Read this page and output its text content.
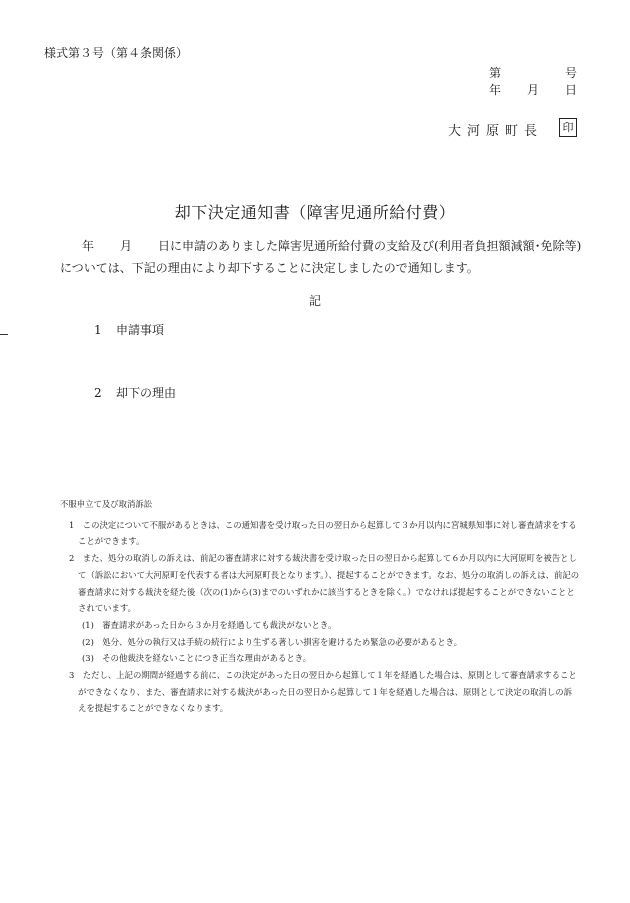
様式第３号（第４条関係）
第	号
年 月 日
大河原町長	印
却下決定通知書（障害児通所給付費）
年 月 日に申請のありました障害児通所給付費の支給及び(利用者負担額減額･免除等)
については、下記の理由により却下することに決定しましたので通知します。
記
1 申請事項
2 却下の理由
不服申立て及び取消訴訟
1　この決定について不服があるときは、この通知書を受け取った日の翌日から起算して３か月以内に宮城県知事に対し審査請求をすることができます。
2　また、処分の取消しの訴えは、前記の審査請求に対する裁決書を受け取った日の翌日から起算して６か月以内に大河原町を被告として（訴訟において大河原町を代表する者は大河原町長となります。）、提起することができます。なお、処分の取消しの訴えは、前記の審査請求に対する裁決を経た後（次の(1)から(3)までのいずれかに該当するときを除く。）でなければ提起することができないこととされています。
(1)　審査請求があった日から３か月を経過しても裁決がないとき。
(2)　処分、処分の執行又は手続の続行により生ずる著しい損害を避けるため緊急の必要があるとき。
(3)　その他裁決を経ないことにつき正当な理由があるとき。
3　ただし、上記の期間が経過する前に、この決定があった日の翌日から起算して１年を経過した場合は、原則として審査請求することができなくなり、また、審査請求に対する裁決があった日の翌日から起算して１年を経過した場合は、原則として決定の取消しの訴えを提起することができなくなります。
